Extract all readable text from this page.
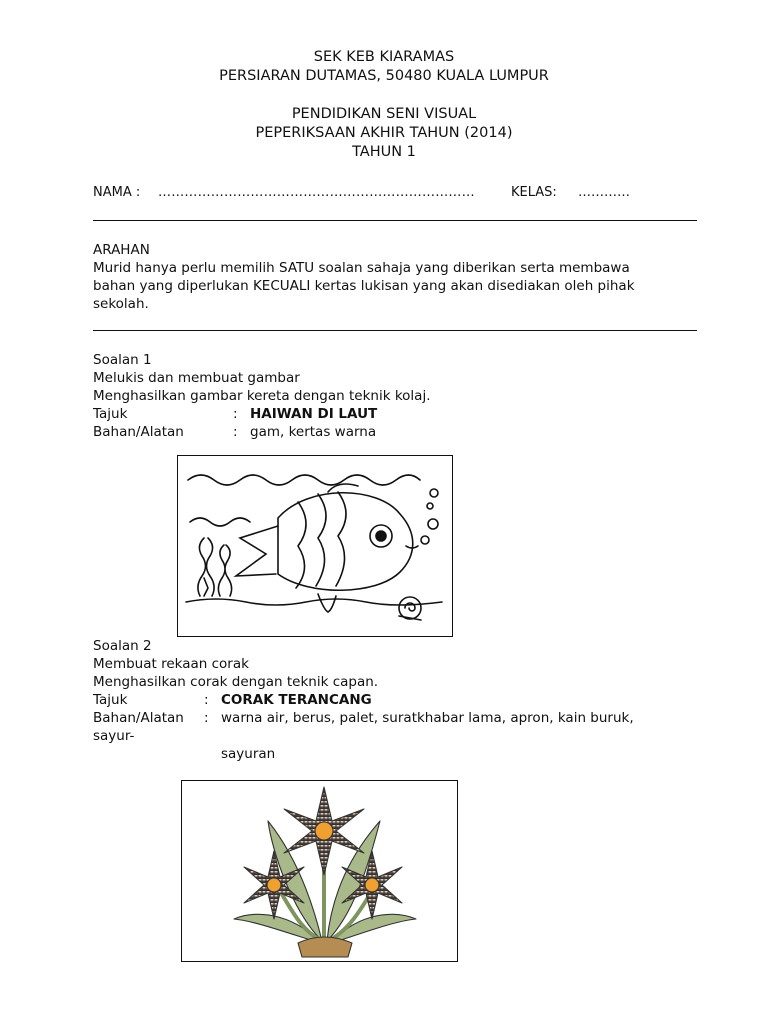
SEK KEB KIARAMAS
PERSIARAN DUTAMAS, 50480 KUALA LUMPUR
PENDIDIKAN SENI VISUAL
PEPERIKSAAN AKHIR TAHUN (2014)
TAHUN 1
NAMA : ………………………………………………………………	KELAS: …………
ARAHAN
Murid hanya perlu memilih SATU soalan sahaja yang diberikan serta membawa
bahan yang diperlukan KECUALI kertas lukisan yang akan disediakan oleh pihak
sekolah.
Soalan 1
Melukis dan membuat gambar
Menghasilkan gambar kereta dengan teknik kolaj.
Tajuk	: HAIWAN DI LAUT
Bahan/Alatan	: gam, kertas warna
Soalan 2
Membuat rekaan corak
Menghasilkan corak dengan teknik capan.
Tajuk	: CORAK TERANCANG
Bahan/Alatan : warna air, berus, palet, suratkhabar lama, apron, kain buruk,
sayur-
sayuran
